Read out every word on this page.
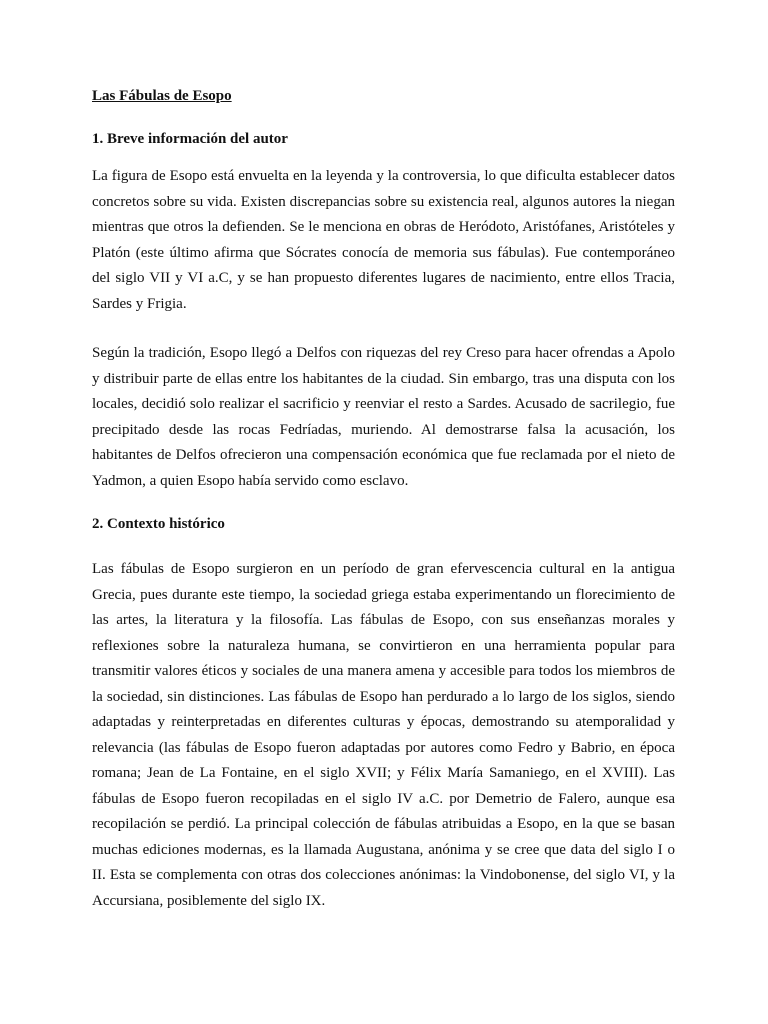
Las Fábulas de Esopo
1. Breve información del autor

La figura de Esopo está envuelta en la leyenda y la controversia, lo que dificulta establecer datos concretos sobre su vida. Existen discrepancias sobre su existencia real, algunos autores la niegan mientras que otros la defienden. Se le menciona en obras de Heródoto, Aristófanes, Aristóteles y Platón (este último afirma que Sócrates conocía de memoria sus fábulas). Fue contemporáneo del siglo VII y VI a.C, y se han propuesto diferentes lugares de nacimiento, entre ellos Tracia, Sardes y Frigia.

Según la tradición, Esopo llegó a Delfos con riquezas del rey Creso para hacer ofrendas a Apolo y distribuir parte de ellas entre los habitantes de la ciudad. Sin embargo, tras una disputa con los locales, decidió solo realizar el sacrificio y reenviar el resto a Sardes. Acusado de sacrilegio, fue precipitado desde las rocas Fedríadas, muriendo. Al demostrarse falsa la acusación, los habitantes de Delfos ofrecieron una compensación económica que fue reclamada por el nieto de Yadmon, a quien Esopo había servido como esclavo.

2. Contexto histórico

Las fábulas de Esopo surgieron en un período de gran efervescencia cultural en la antigua Grecia, pues durante este tiempo, la sociedad griega estaba experimentando un florecimiento de las artes, la literatura y la filosofía. Las fábulas de Esopo, con sus enseñanzas morales y reflexiones sobre la naturaleza humana, se convirtieron en una herramienta popular para transmitir valores éticos y sociales de una manera amena y accesible para todos los miembros de la sociedad, sin distinciones. Las fábulas de Esopo han perdurado a lo largo de los siglos, siendo adaptadas y reinterpretadas en diferentes culturas y épocas, demostrando su atemporalidad y relevancia (las fábulas de Esopo fueron adaptadas por autores como Fedro y Babrio, en época romana; Jean de La Fontaine, en el siglo XVII; y Félix María Samaniego, en el XVIII). Las fábulas de Esopo fueron recopiladas en el siglo IV a.C. por Demetrio de Falero, aunque esa recopilación se perdió. La principal colección de fábulas atribuidas a Esopo, en la que se basan muchas ediciones modernas, es la llamada Augustana, anónima y se cree que data del siglo I o II. Esta se complementa con otras dos colecciones anónimas: la Vindobonense, del siglo VI, y la Accursiana, posiblemente del siglo IX.
